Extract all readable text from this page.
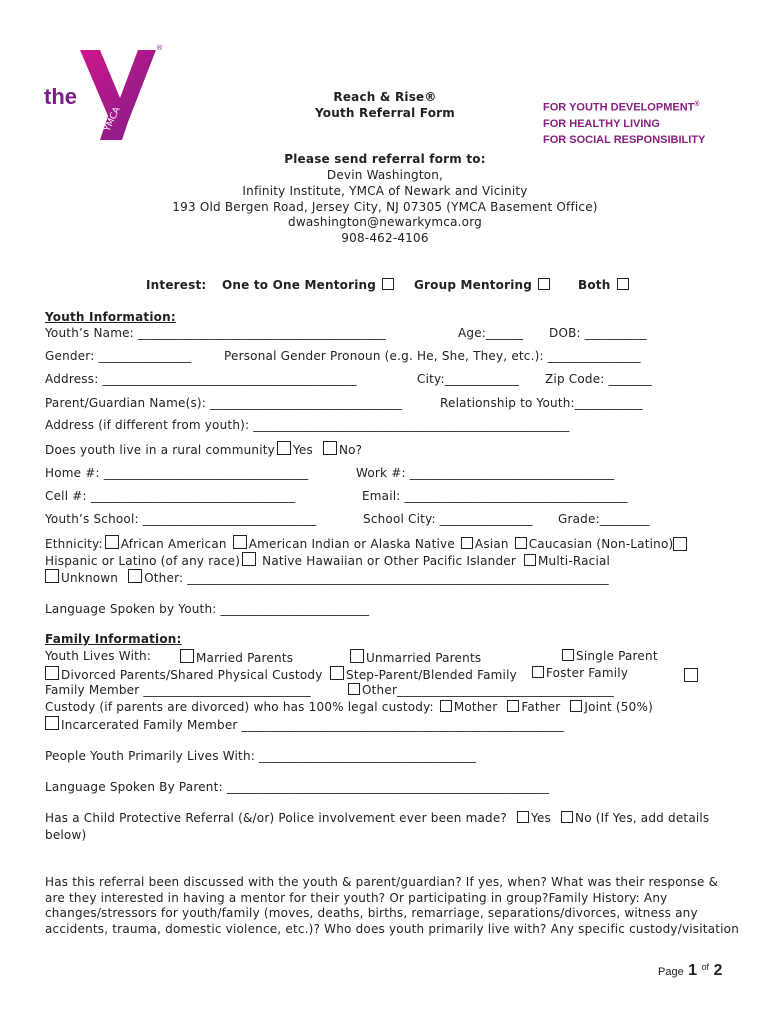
YMCA
the
®
Reach & Rise®
Youth Referral Form	FOR YOUTH DEVELOPMENT®
FOR HEALTHY LIVING
FOR SOCIAL RESPONSIBILITY
Please send referral form to:
Devin Washington,
Infinity Institute, YMCA of Newark and Vicinity
193 Old Bergen Road, Jersey City, NJ 07305 (YMCA Basement Office)
dwashington@newarkymca.org
908-462-4106
Interest: One to One Mentoring	Group Mentoring	Both
Youth Information:
Youth’s Name: ________________________________________	Age:______ DOB: __________
Gender: _______________	Personal Gender Pronoun (e.g. He, She, They, etc.): _______________
Address: _________________________________________	City:____________ Zip Code: _______
Parent/Guardian Name(s): _______________________________	Relationship to Youth:___________
Address (if different from youth): ___________________________________________________
Does youth live in a rural community Yes No?
Home #: _________________________________	Work #: _________________________________
Cell #: _________________________________	Email: ____________________________________
Youth’s School: ____________________________	School City: _______________ Grade:________
Ethnicity: African American American Indian or Alaska Native Asian Caucasian (Non-Latino)
Hispanic or Latino (of any race) Native Hawaiian or Other Pacific Islander Multi-Racial
Unknown Other: ____________________________________________________________________
Language Spoken by Youth: ________________________
Family Information:
Youth Lives With:	Married Parents	Unmarried Parents	Single Parent
Divorced Parents/Shared Physical Custody	Step-Parent/Blended Family	Foster Family
Family Member ___________________________	Other___________________________________
Custody (if parents are divorced) who has 100% legal custody: Mother Father Joint (50%)
Incarcerated Family Member ____________________________________________________
People Youth Primarily Lives With: ___________________________________
Language Spoken By Parent: ____________________________________________________
Has a Child Protective Referral (&/or) Police involvement ever been made? Yes No (If Yes, add details
below)
Has this referral been discussed with the youth & parent/guardian? If yes, when? What was their response &
are they interested in having a mentor for their youth? Or participating in group?Family History: Any
changes/stressors for youth/family (moves, deaths, births, remarriage, separations/divorces, witness any
accidents, trauma, domestic violence, etc.)? Who does youth primarily live with? Any specific custody/visitation
Page 1 $^{of}$ 2
